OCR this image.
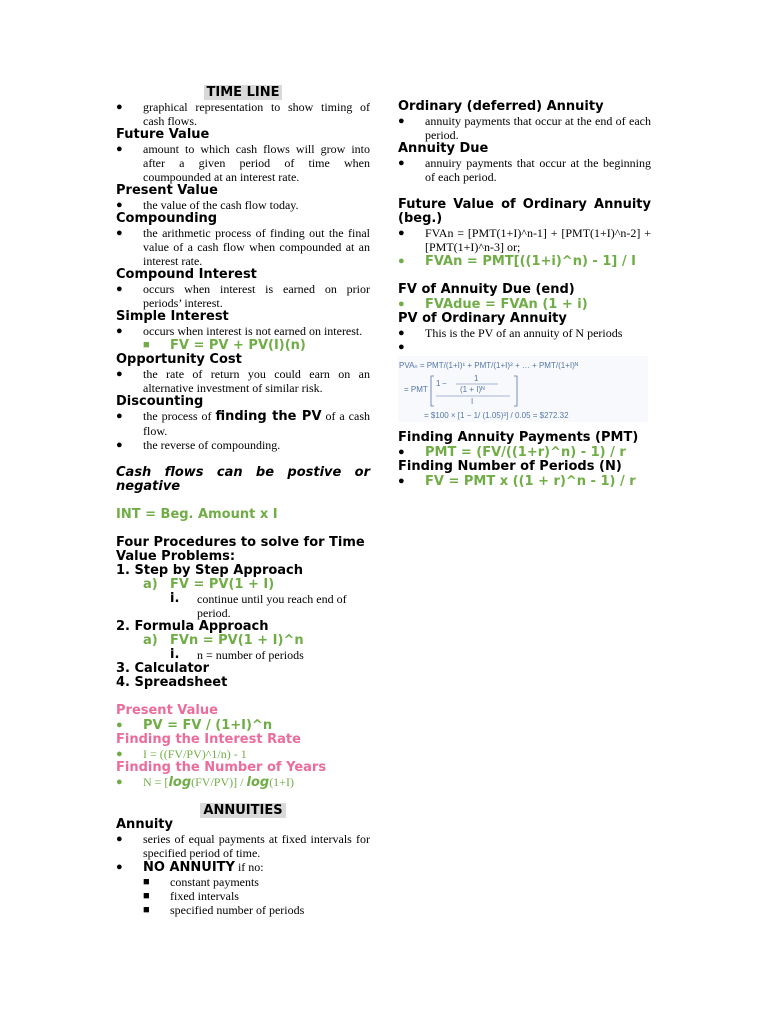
TIME LINE
● graphical representation to show timing of cash flows.
Future Value
● amount to which cash flows will grow into after a given period of time when coumpounded at an interest rate.
Present Value
● the value of the cash flow today.
Compounding
● the arithmetic process of finding out the final value of a cash flow when compounded at an interest rate.
Compound Interest
● occurs when interest is earned on prior periods’ interest.
Simple Interest
● occurs when interest is not earned on interest.
■ FV = PV + PV(I)(n)
Opportunity Cost
● the rate of return you could earn on an alternative investment of similar risk.
Discounting
● the process of finding the PV of a cash flow.
● the reverse of compounding.
Cash flows can be postive or negative
INT = Beg. Amount x I
Four Procedures to solve for Time Value Problems:
1. Step by Step Approach
a) FV = PV(1 + I)
i. continue until you reach end of period.
2. Formula Approach
a) FVn = PV(1 + I)^n
i. n = number of periods
3. Calculator
4. Spreadsheet
Present Value
● PV = FV / (1+I)^n
Finding the Interest Rate
● I = ((FV/PV)^1/n) - 1
Finding the Number of Years
● N = [log(FV/PV)] / log(1+I)
ANNUITIES
Annuity
● series of equal payments at fixed intervals for specified period of time.
● NO ANNUITY if no:
■ constant payments
■ fixed intervals
■ specified number of periods
Ordinary (deferred) Annuity
● annuity payments that occur at the end of each period.
Annuity Due
● annuiry payments that occur at the beginning of each period.
Future Value of Ordinary Annuity (beg.)
● FVAn = [PMT(1+I)^n-1] + [PMT(1+I)^n-2] + [PMT(1+I)^n-3] or;
● FVAn = PMT[((1+i)^n) - 1] / I
FV of Annuity Due (end)
● FVAdue = FVAn (1 + i)
PV of Ordinary Annuity
● This is the PV of an annuity of N periods
●
PVAₙ = PMT/(1+I)¹ + PMT/(1+I)² + … + PMT/(1+I)ᴺ
= PMT
1 −
1
(1 + I)ᴺ
I
= $100 × [1 − 1/ (1.05)³] / 0.05 = $272.32
Finding Annuity Payments (PMT)
● PMT = (FV/((1+r)^n) - 1) / r
Finding Number of Periods (N)
● FV = PMT x ((1 + r)^n - 1) / r
